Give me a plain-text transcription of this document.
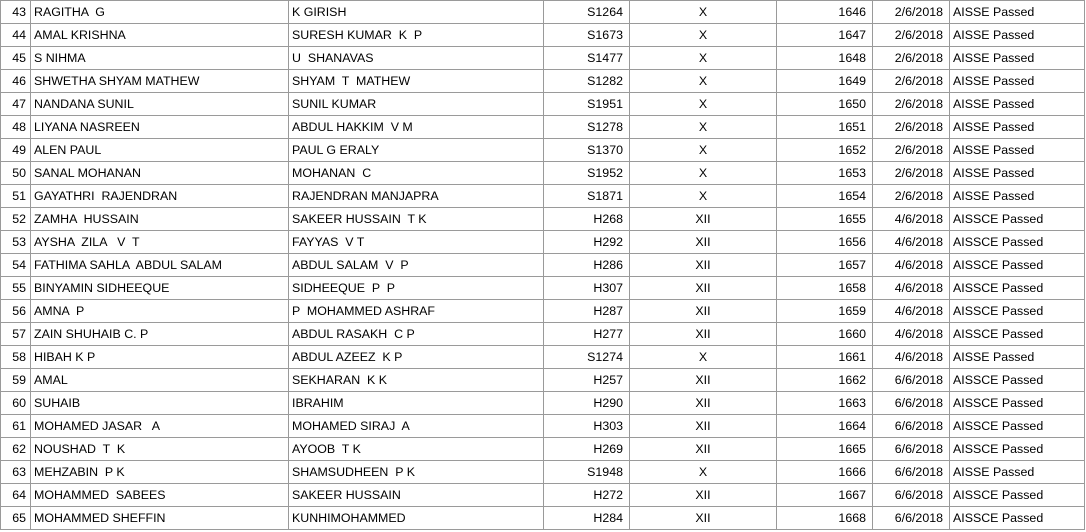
43	RAGITHA  G	K GIRISH	S1264	X	1646	2/6/2018	AISSE Passed
44	AMAL KRISHNA	SURESH KUMAR  K  P	S1673	X	1647	2/6/2018	AISSE Passed
45	S NIHMA	U  SHANAVAS	S1477	X	1648	2/6/2018	AISSE Passed
46	SHWETHA SHYAM MATHEW	SHYAM  T  MATHEW	S1282	X	1649	2/6/2018	AISSE Passed
47	NANDANA SUNIL	SUNIL KUMAR	S1951	X	1650	2/6/2018	AISSE Passed
48	LIYANA NASREEN	ABDUL HAKKIM  V M	S1278	X	1651	2/6/2018	AISSE Passed
49	ALEN PAUL	PAUL G ERALY	S1370	X	1652	2/6/2018	AISSE Passed
50	SANAL MOHANAN	MOHANAN  C	S1952	X	1653	2/6/2018	AISSE Passed
51	GAYATHRI  RAJENDRAN	RAJENDRAN MANJAPRA	S1871	X	1654	2/6/2018	AISSE Passed
52	ZAMHA  HUSSAIN	SAKEER HUSSAIN  T K	H268	XII	1655	4/6/2018	AISSCE Passed
53	AYSHA  ZILA   V  T	FAYYAS  V T	H292	XII	1656	4/6/2018	AISSCE Passed
54	FATHIMA SAHLA  ABDUL SALAM	ABDUL SALAM  V  P	H286	XII	1657	4/6/2018	AISSCE Passed
55	BINYAMIN SIDHEEQUE	SIDHEEQUE  P  P	H307	XII	1658	4/6/2018	AISSCE Passed
56	AMNA  P	P  MOHAMMED ASHRAF	H287	XII	1659	4/6/2018	AISSCE Passed
57	ZAIN SHUHAIB C. P	ABDUL RASAKH  C P	H277	XII	1660	4/6/2018	AISSCE Passed
58	HIBAH K P	ABDUL AZEEZ  K P	S1274	X	1661	4/6/2018	AISSE Passed
59	AMAL	SEKHARAN  K K	H257	XII	1662	6/6/2018	AISSCE Passed
60	SUHAIB	IBRAHIM	H290	XII	1663	6/6/2018	AISSCE Passed
61	MOHAMED JASAR   A	MOHAMED SIRAJ  A	H303	XII	1664	6/6/2018	AISSCE Passed
62	NOUSHAD  T  K	AYOOB  T K	H269	XII	1665	6/6/2018	AISSCE Passed
63	MEHZABIN  P K	SHAMSUDHEEN  P K	S1948	X	1666	6/6/2018	AISSE Passed
64	MOHAMMED  SABEES	SAKEER HUSSAIN	H272	XII	1667	6/6/2018	AISSCE Passed
65	MOHAMMED SHEFFIN	KUNHIMOHAMMED	H284	XII	1668	6/6/2018	AISSCE Passed
